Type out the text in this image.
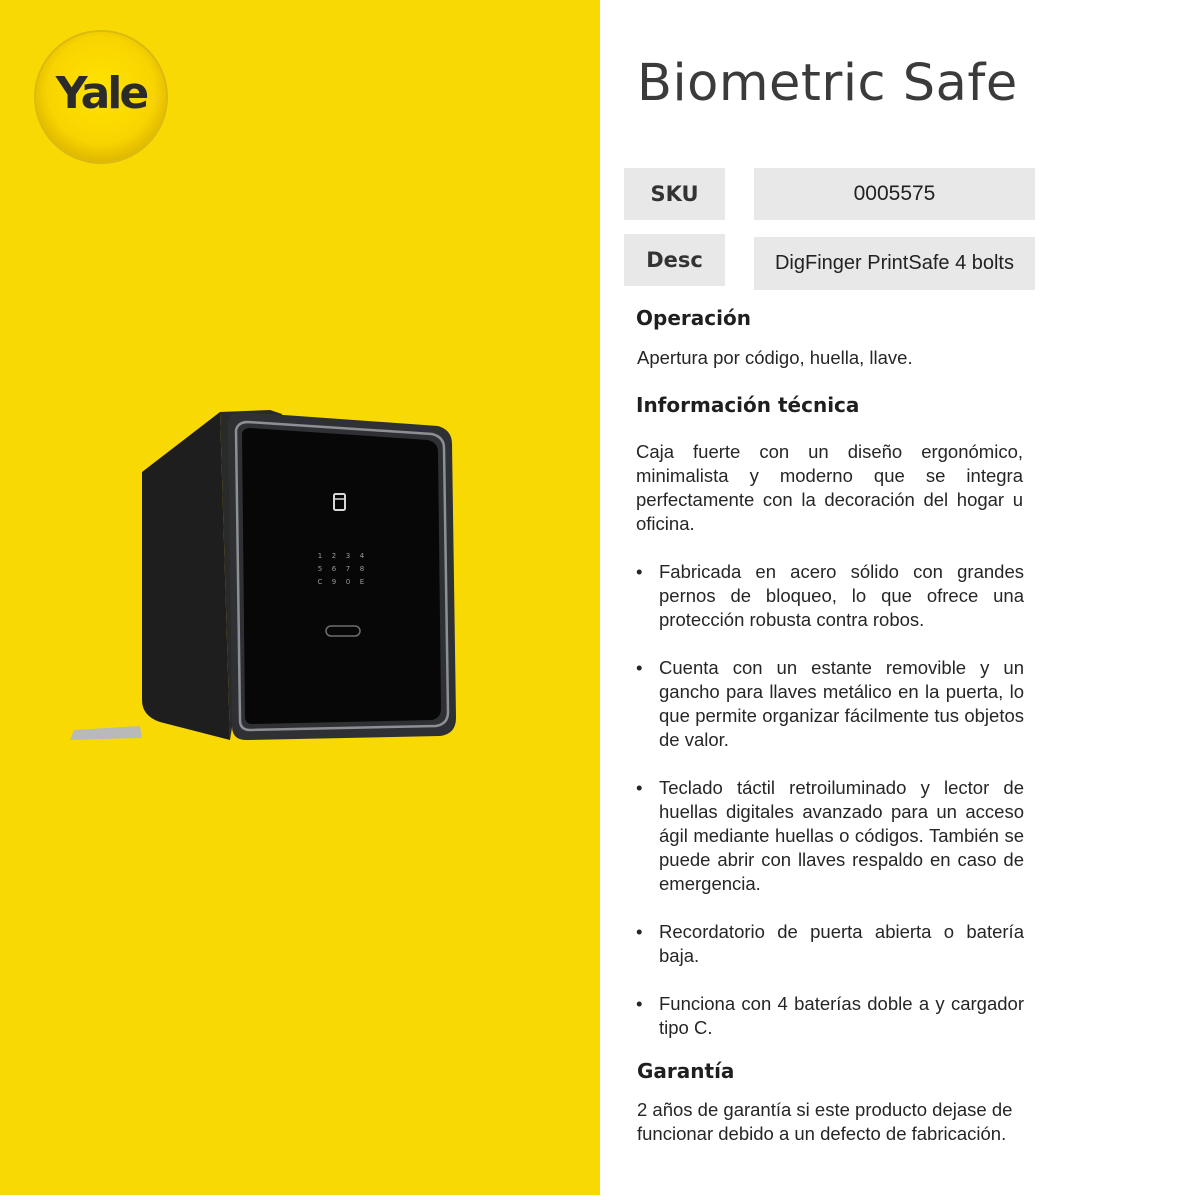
Yale
1 2 3 4
5 6 7 8
C 9 0 E
Biometric Safe
SKU	0005575
Desc	DigFinger PrintSafe 4 bolts
Operación

Apertura por código, huella, llave.

Información técnica

Caja fuerte con un diseño ergonómico, minimalista y moderno que se integra perfectamente con la decoración del hogar u oficina.

• Fabricada en acero sólido con grandes pernos de bloqueo, lo que ofrece una protección robusta contra robos.
• Cuenta con un estante removible y un gancho para llaves metálico en la puerta, lo que permite organizar fácilmente tus objetos de valor.
• Teclado táctil retroiluminado y lector de huellas digitales avanzado para un acceso ágil mediante huellas o códigos. También se puede abrir con llaves respaldo en caso de emergencia.
• Recordatorio de puerta abierta o batería baja.
• Funciona con 4 baterías doble a y cargador tipo C.
Garantía

2 años de garantía si este producto dejase de funcionar debido a un defecto de fabricación.
